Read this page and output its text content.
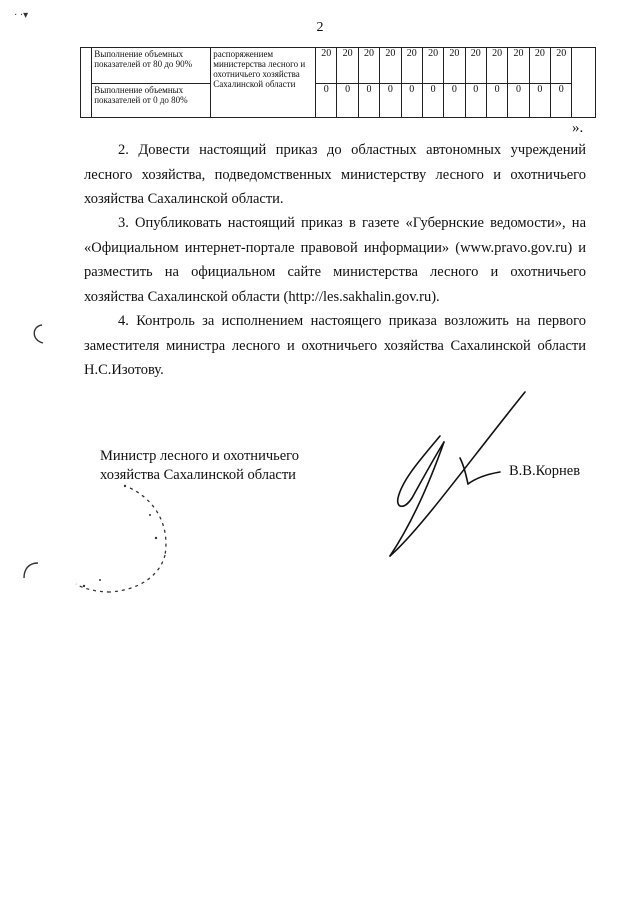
2
· ·▾
	Выполнение объемных показателей от 80 до 90%	распоряжением министерства лесного и охотничьего хозяйства Сахалинской области	20	20	20	20	20	20	20	20	20	20	20	20	
	Выполнение объемных показателей от 0 до 80%		0	0	0	0	0	0	0	0	0	0	0	0	
».

2. Довести настоящий приказ до областных автономных учреждений лесного хозяйства, подведомственных министерству лесного и охотничьего хозяйства Сахалинской области.

3. Опубликовать настоящий приказ в газете «Губернские ведомости», на «Официальном интернет-портале правовой информации» (www.pravo.gov.ru) и разместить на официальном сайте министерства лесного и охотничьего хозяйства Сахалинской области (http://les.sakhalin.gov.ru).

4. Контроль за исполнением настоящего приказа возложить на первого заместителя министра лесного и охотничьего хозяйства Сахалинской области Н.С.Изотову.

Министр лесного и охотничьего
хозяйства Сахалинской области	В.В.Корнев
